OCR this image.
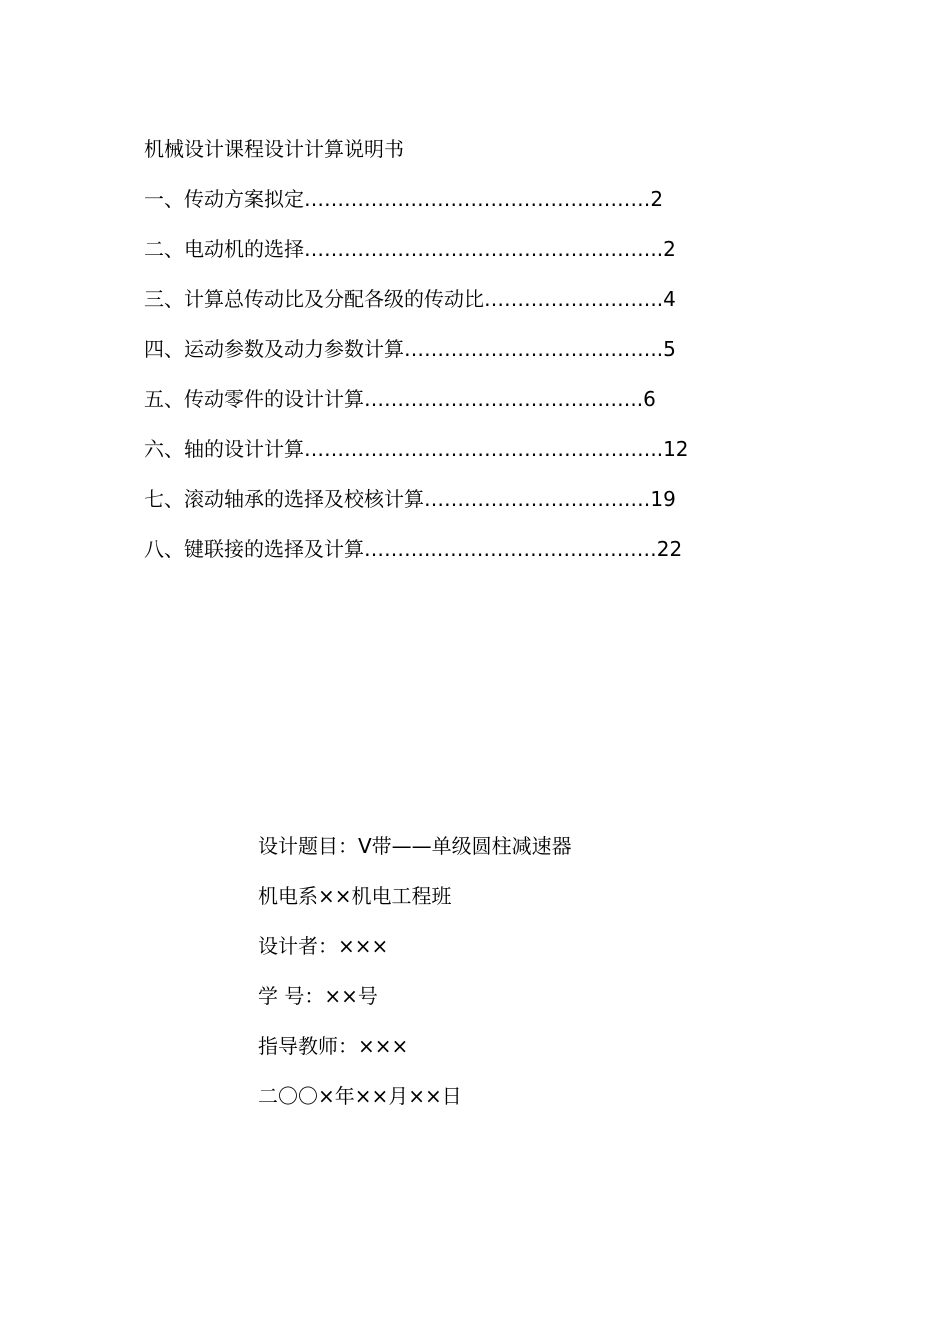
机械设计课程设计计算说明书
一、传动方案拟定…………….………………………………2
二、电动机的选择……………………………………….……..2
三、计算总传动比及分配各级的传动比……………….……..4
四、运动参数及动力参数计算………………………….……..5
五、传动零件的设计计算……………………………….…..6
六、轴的设计计算………………………………………….…..12
七、滚动轴承的选择及校核计算………………………….…19
八、键联接的选择及计算………..……………………………22
设计题目：V带——单级圆柱减速器
机电系××机电工程班
设计者：×××
学 号：××号
指导教师：×××
二〇〇×年××月××日
